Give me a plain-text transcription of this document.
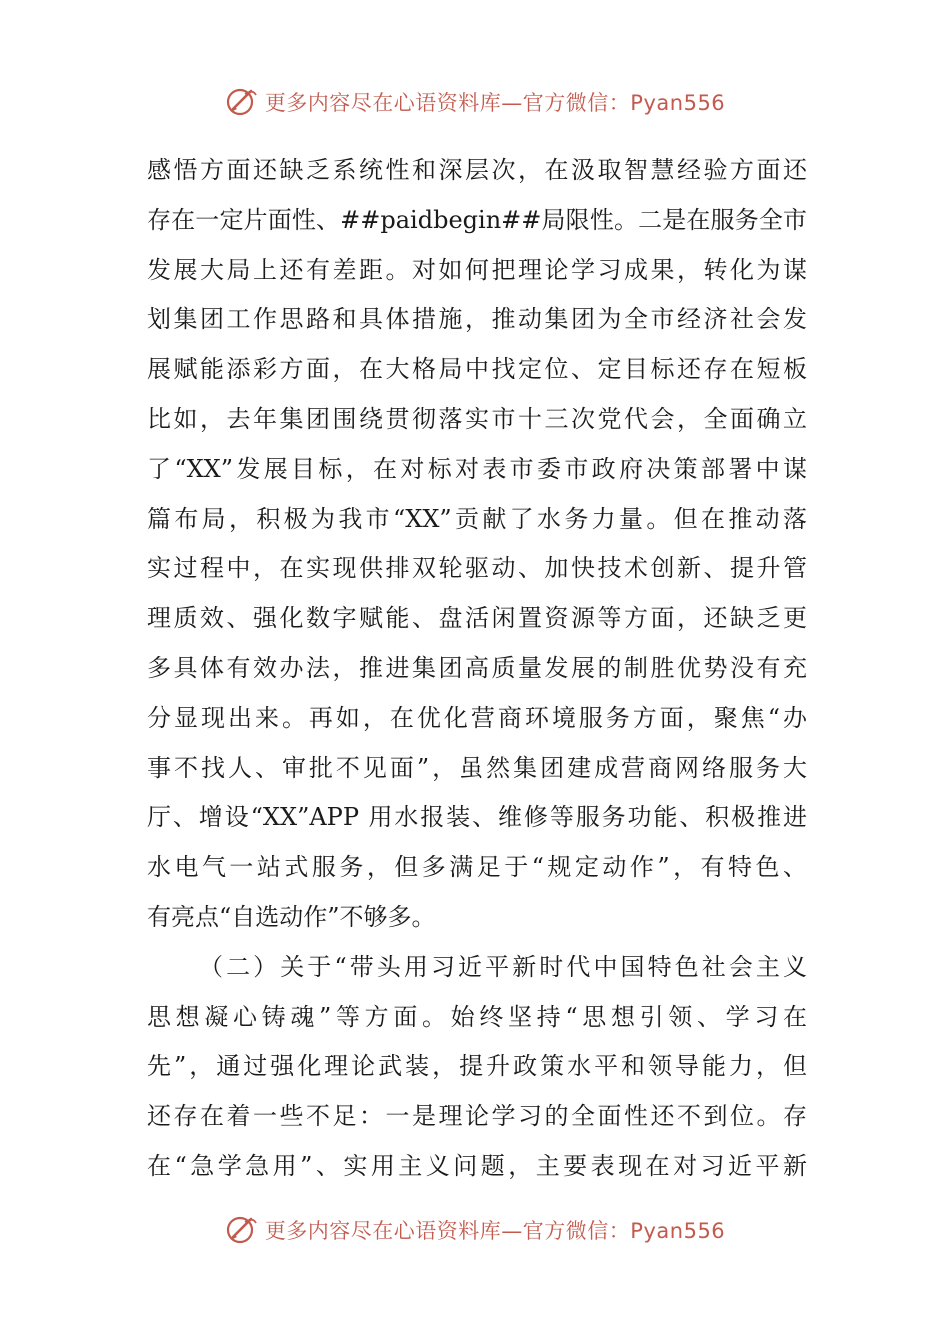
更多内容尽在心语资料库—官方微信：Pyan556
感悟方面还缺乏系统性和深层次，在汲取智慧经验方面还
存在一定片面性、##paidbegin##局限性。二是在服务全市
发展大局上还有差距。对如何把理论学习成果，转化为谋
划集团工作思路和具体措施，推动集团为全市经济社会发
展赋能添彩方面，在大格局中找定位、定目标还存在短板
比如，去年集团围绕贯彻落实市十三次党代会，全面确立
了“XX”发展目标，在对标对表市委市政府决策部署中谋
篇布局，积极为我市“XX”贡献了水务力量。但在推动落
实过程中，在实现供排双轮驱动、加快技术创新、提升管
理质效、强化数字赋能、盘活闲置资源等方面，还缺乏更
多具体有效办法，推进集团高质量发展的制胜优势没有充
分显现出来。再如，在优化营商环境服务方面，聚焦“办
事不找人、审批不见面”，虽然集团建成营商网络服务大
厅、增设“XX”APP 用水报装、维修等服务功能、积极推进
水电气一站式服务，但多满足于“规定动作”，有特色、
有亮点“自选动作”不够多。
（二）关于“带头用习近平新时代中国特色社会主义
思想凝心铸魂”等方面。始终坚持“思想引领、学习在
先”，通过强化理论武装，提升政策水平和领导能力，但
还存在着一些不足：一是理论学习的全面性还不到位。存
在“急学急用”、实用主义问题，主要表现在对习近平新
更多内容尽在心语资料库—官方微信：Pyan556
